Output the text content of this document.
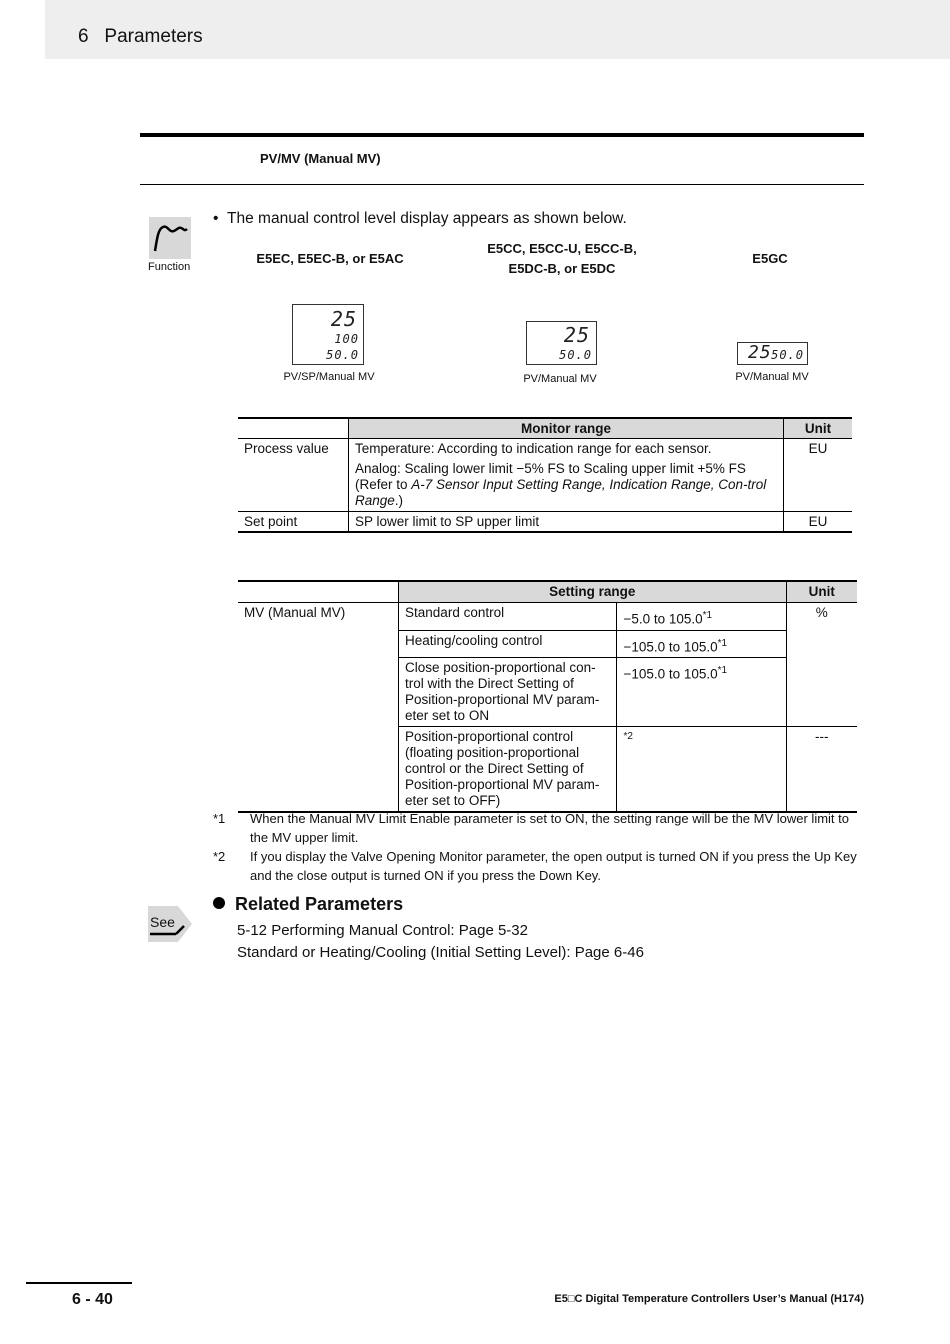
6 Parameters
PV/MV (Manual MV)
Function
•  The manual control level display appears as shown below.
E5EC, E5EC-B, or E5AC
E5CC, E5CC-U, E5CC-B,
E5DC-B, or E5DC
E5GC
25
100
50.0
PV/SP/Manual MV
25
50.0
PV/Manual MV
25 50.0
PV/Manual MV
	Monitor range	Unit
Process value	Temperature: According to indication range for each sensor.
Analog: Scaling lower limit −5% FS to Scaling upper limit +5% FS
(Refer to A-7 Sensor Input Setting Range, Indication Range, Con-trol Range.)	EU
Set point	SP lower limit to SP upper limit	EU
	Setting range		Unit
MV (Manual MV)	Standard control	−5.0 to 105.0$^{*1}$	%
	Heating/cooling control	−105.0 to 105.0$^{*1}$
	Close position-proportional con- trol with the Direct Setting of Position-proportional MV param- eter set to ON	−105.0 to 105.0$^{*1}$
	Position-proportional control (floating position-proportional control or the Direct Setting of Position-proportional MV param- eter set to OFF)	*2	---
*1 When the Manual MV Limit Enable parameter is set to ON, the setting range will be the MV lower limit to the MV upper limit.
*2 If you display the Valve Opening Monitor parameter, the open output is turned ON if you press the Up Key and the close output is turned ON if you press the Down Key.
See
Related Parameters
5-12 Performing Manual Control: Page 5-32
Standard or Heating/Cooling (Initial Setting Level): Page 6-46
6 - 40	E5□C Digital Temperature Controllers User’s Manual (H174)
